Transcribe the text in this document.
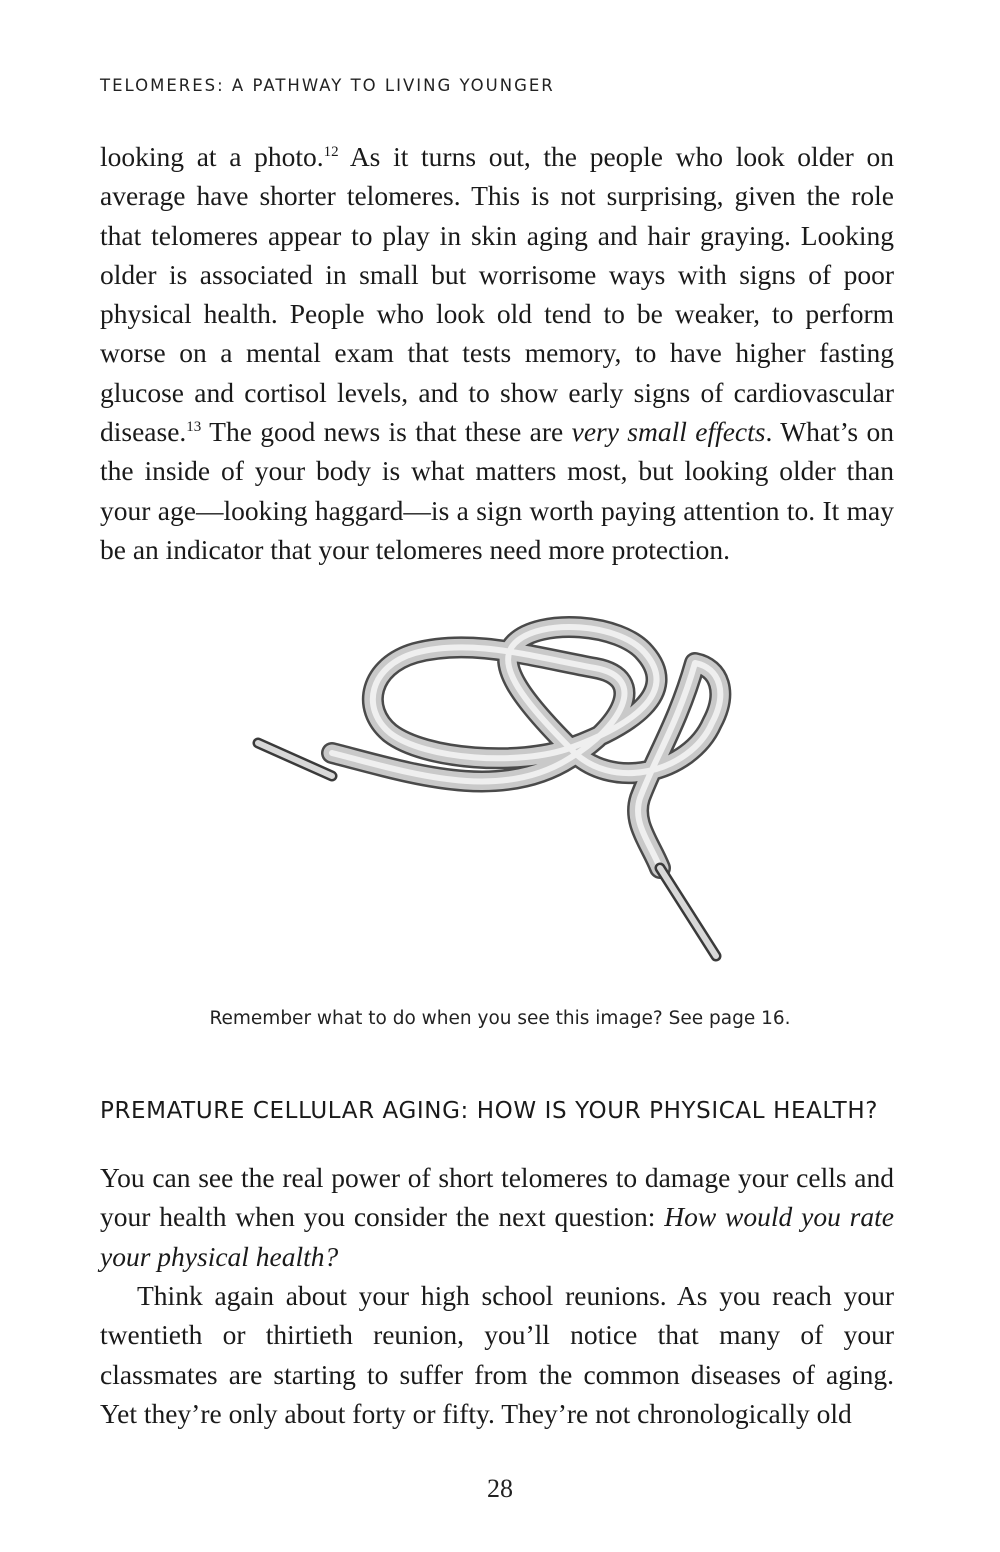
TELOMERES: A PATHWAY TO LIVING YOUNGER

looking at a photo.$^{12}$ As it turns out, the people who look older on average have shorter telomeres. This is not surprising, given the role that telomeres appear to play in skin aging and hair graying. Looking older is associated in small but worrisome ways with signs of poor physical health. People who look old tend to be weaker, to perform worse on a mental exam that tests memory, to have higher fasting glucose and cortisol levels, and to show early signs of cardiovascular disease.$^{13}$ The good news is that these are very small effects. What’s on the inside of your body is what matters most, but looking older than your age—looking haggard—is a sign worth paying attention to. It may be an indicator that your telomeres need more protection.

Remember what to do when you see this image? See page 16.
PREMATURE CELLULAR AGING: HOW IS YOUR PHYSICAL HEALTH?

You can see the real power of short telomeres to damage your cells and your health when you consider the next question: How would you rate your physical health?

Think again about your high school reunions. As you reach your twentieth or thirtieth reunion, you’ll notice that many of your classmates are starting to suffer from the common diseases of aging. Yet they’re only about forty or fifty. They’re not chronologically old

28
